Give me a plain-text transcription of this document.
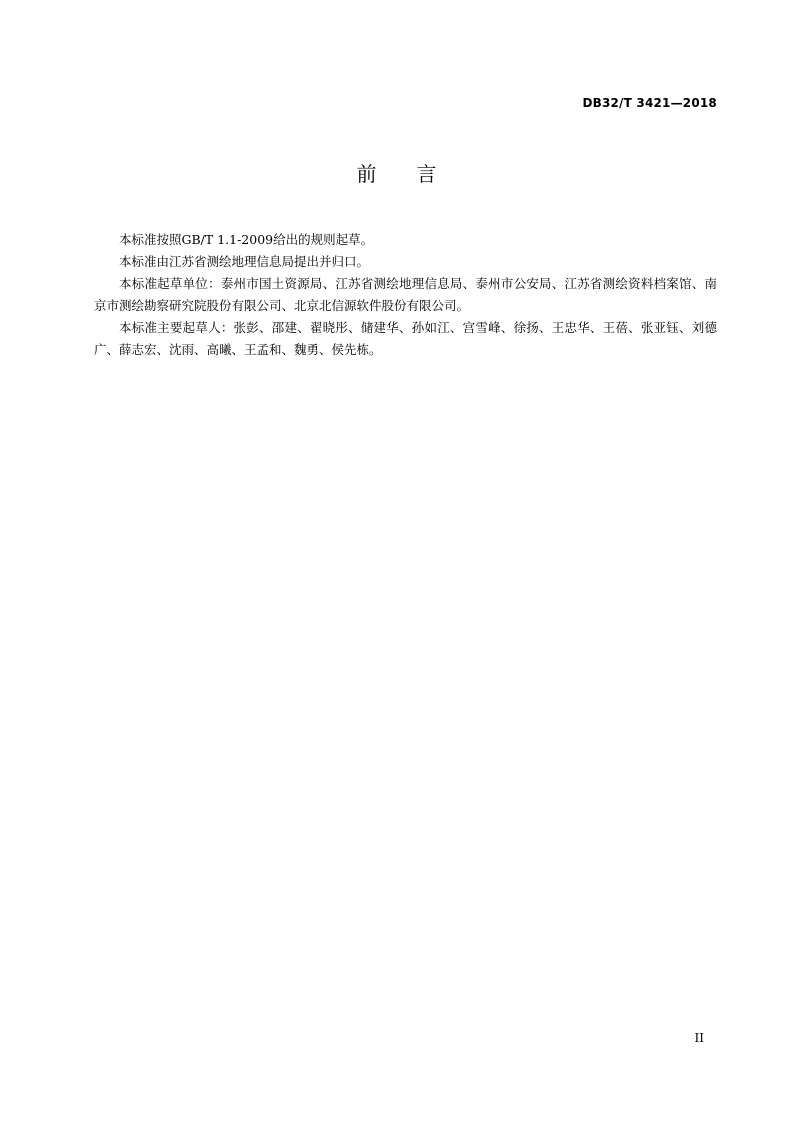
DB32/T 3421—2018
前言

本标准按照GB/T 1.1-2009给出的规则起草。

本标准由江苏省测绘地理信息局提出并归口。

本标准起草单位：泰州市国土资源局、江苏省测绘地理信息局、泰州市公安局、江苏省测绘资料档案馆、南京市测绘勘察研究院股份有限公司、北京北信源软件股份有限公司。

本标准主要起草人：张彭、邵建、翟晓彤、储建华、孙如江、宫雪峰、徐扬、王忠华、王蓓、张亚钰、刘德广、薛志宏、沈雨、高曦、王孟和、魏勇、侯先栋。

II
